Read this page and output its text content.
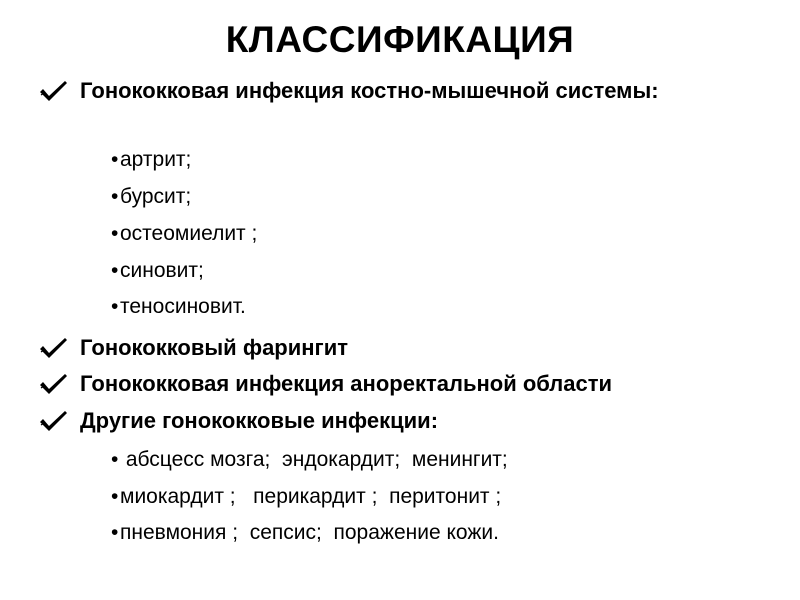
КЛАССИФИКАЦИЯ
Гонококковая инфекция костно-мышечной системы:
•артрит;
•бурсит;
•остеомиелит ;
•синовит;
•теносиновит.
Гонококковый фарингит
Гонококковая инфекция аноректальной области
Другие гонококковые инфекции:
• абсцесс мозга;  эндокардит;  менингит;
•миокардит ;   перикардит ;  перитонит ;
•пневмония ;  сепсис;  поражение кожи.
